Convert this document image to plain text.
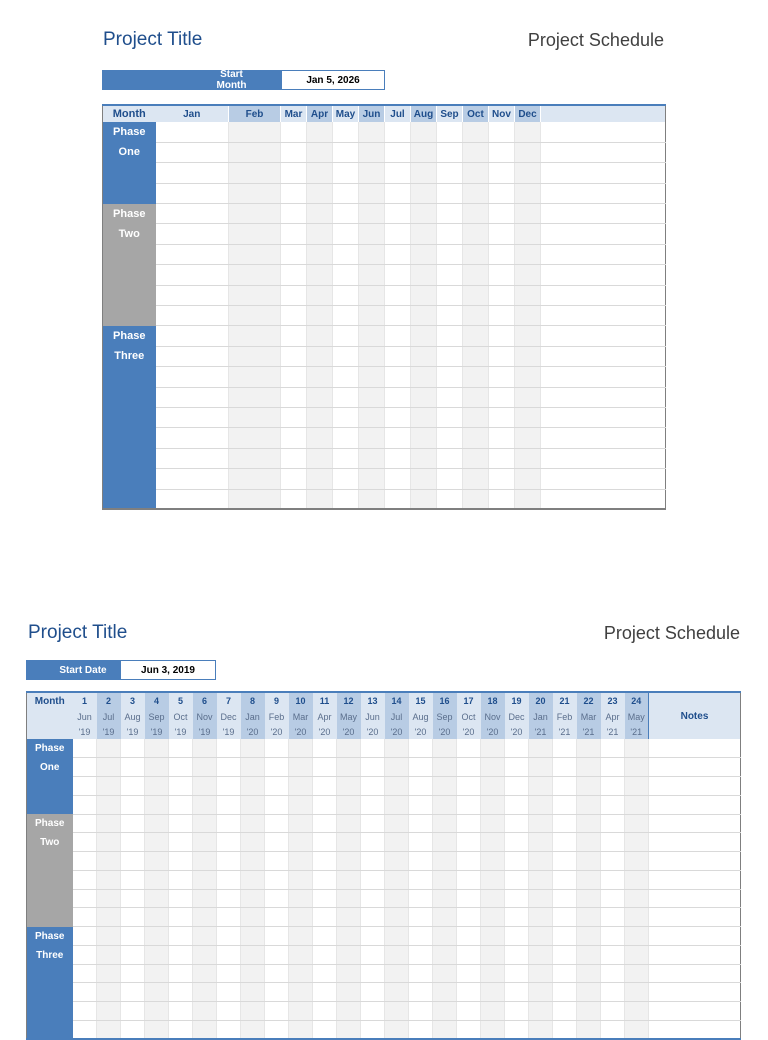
Project Title	Project Schedule
Start Month	Jan 5, 2026
Month	Jan	Feb	Mar	Apr	May	Jun	Jul	Aug	Sep	Oct	Nov	Dec	

Phase
One													

Phase
Two													

Phase
Three													

Project Title	Project Schedule
Start Date	Jun 3, 2019
Month	1	2	3	4	5	6	7	8	9	10	11	12	13	14	15	16	17	18	19	20	21	22	23	24	Notes
	Jun	Jul	Aug	Sep	Oct	Nov	Dec	Jan	Feb	Mar	Apr	May	Jun	Jul	Aug	Sep	Oct	Nov	Dec	Jan	Feb	Mar	Apr	May	
	'19	'19	'19	'19	'19	'19	'19	'20	'20	'20	'20	'20	'20	'20	'20	'20	'20	'20	'20	'21	'21	'21	'21	'21	

Phase
One																									

Phase
Two																									

Phase
Three																									
